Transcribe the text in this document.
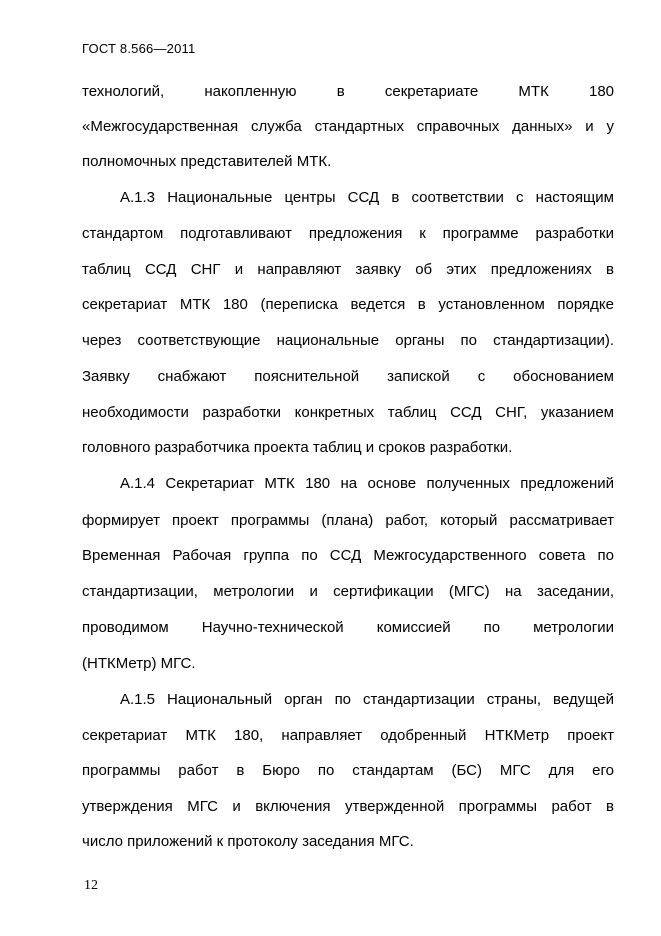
ГОСТ 8.566—2011
технологий, накопленную в секретариате МТК 180
«Межгосударственная служба стандартных справочных данных» и у
полномочных представителей МТК.
А.1.3 Национальные центры ССД в соответствии с настоящим
стандартом подготавливают предложения к программе разработки
таблиц ССД СНГ и направляют заявку об этих предложениях в
секретариат МТК 180 (переписка ведется в установленном порядке
через соответствующие национальные органы по стандартизации).
Заявку снабжают пояснительной запиской с обоснованием
необходимости разработки конкретных таблиц ССД СНГ, указанием
головного разработчика проекта таблиц и сроков разработки.
А.1.4 Секретариат МТК 180 на основе полученных предложений
формирует проект программы (плана) работ, который рассматривает
Временная Рабочая группа по ССД Межгосударственного совета по
стандартизации, метрологии и сертификации (МГС) на заседании,
проводимом Научно-технической комиссией по метрологии
(НТКМетр) МГС.
А.1.5 Национальный орган по стандартизации страны, ведущей
секретариат МТК 180, направляет одобренный НТКМетр проект
программы работ в Бюро по стандартам (БС) МГС для его
утверждения МГС и включения утвержденной программы работ в
число приложений к протоколу заседания МГС.
12
